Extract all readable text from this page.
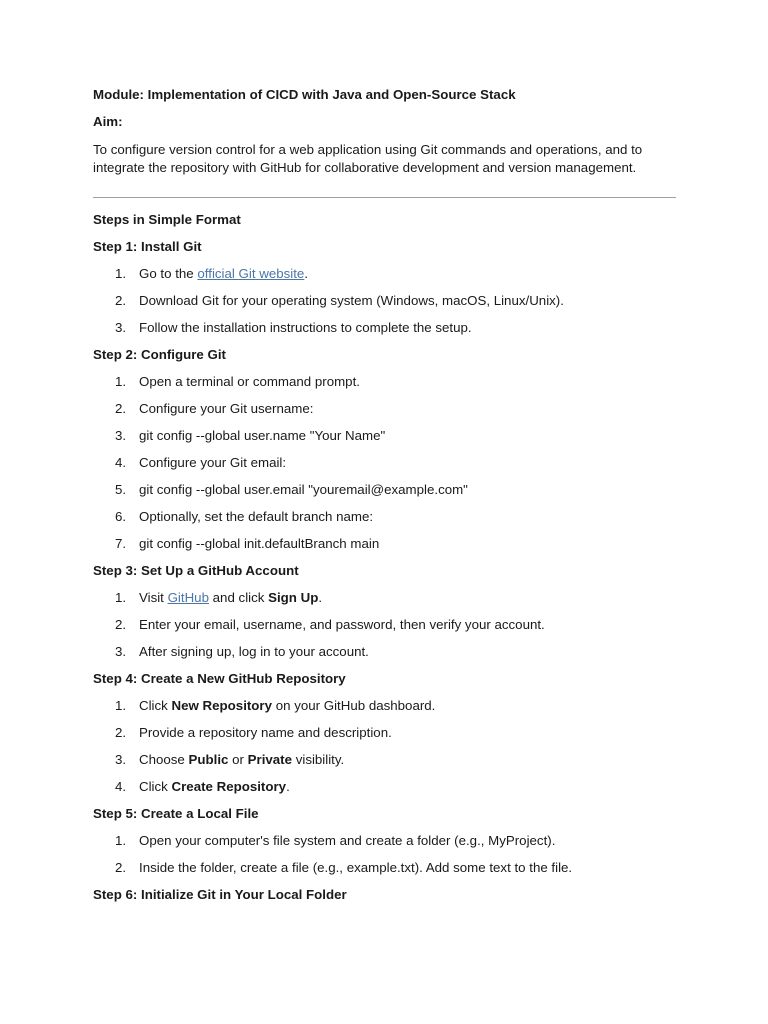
Module: Implementation of CICD with Java and Open-Source Stack

Aim:

To configure version control for a web application using Git commands and operations, and to integrate the repository with GitHub for collaborative development and version management.

Steps in Simple Format

Step 1: Install Git

1. Go to the official Git website.
2. Download Git for your operating system (Windows, macOS, Linux/Unix).
3. Follow the installation instructions to complete the setup.

Step 2: Configure Git

1. Open a terminal or command prompt.
2. Configure your Git username:
3. git config --global user.name "Your Name"
4. Configure your Git email:
5. git config --global user.email "youremail@example.com"
6. Optionally, set the default branch name:
7. git config --global init.defaultBranch main

Step 3: Set Up a GitHub Account

1. Visit GitHub and click Sign Up.
2. Enter your email, username, and password, then verify your account.
3. After signing up, log in to your account.

Step 4: Create a New GitHub Repository

1. Click New Repository on your GitHub dashboard.
2. Provide a repository name and description.
3. Choose Public or Private visibility.
4. Click Create Repository.

Step 5: Create a Local File

1. Open your computer's file system and create a folder (e.g., MyProject).
2. Inside the folder, create a file (e.g., example.txt). Add some text to the file.

Step 6: Initialize Git in Your Local Folder
